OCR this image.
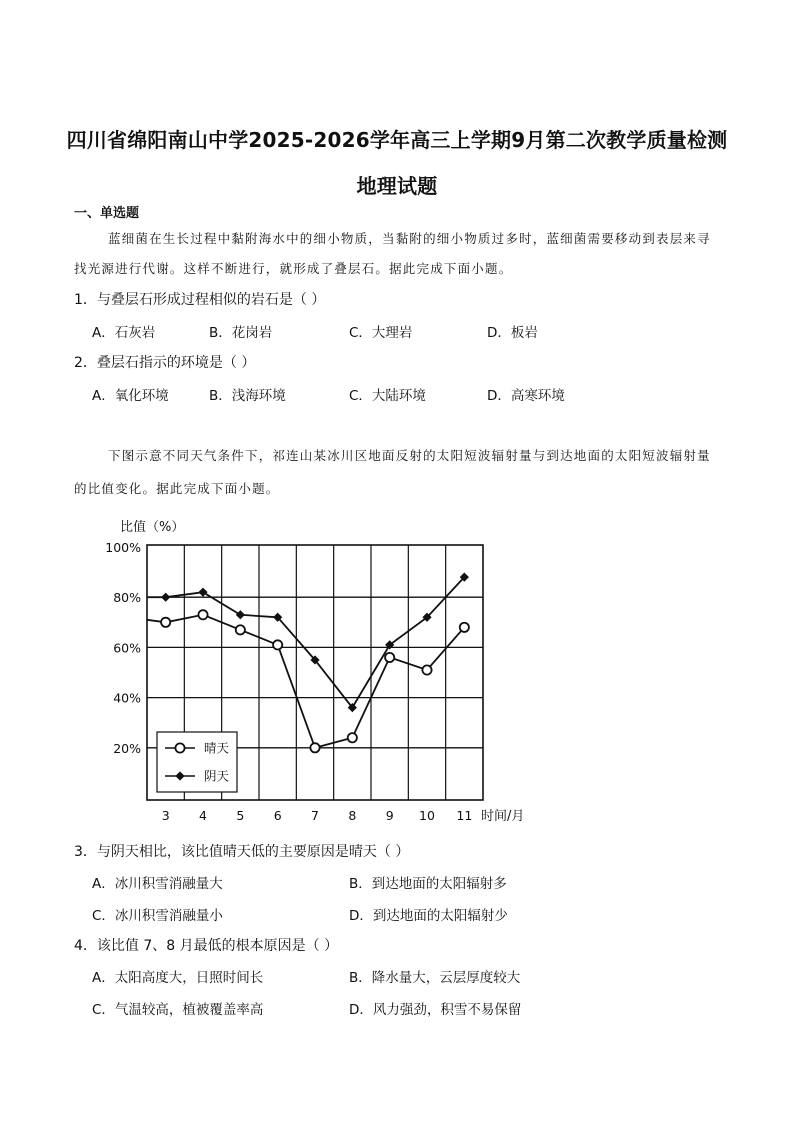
四川省绵阳南山中学2025-2026学年高三上学期9月第二次教学质量检测
地理试题
一、单选题
蓝细菌在生长过程中黏附海水中的细小物质，当黏附的细小物质过多时，蓝细菌需要移动到表层来寻
找光源进行代谢。这样不断进行，就形成了叠层石。据此完成下面小题。
1．与叠层石形成过程相似的岩石是（ ）
A．石灰岩	B．花岗岩	C．大理岩	D．板岩
2．叠层石指示的环境是（ ）
A．氧化环境	B．浅海环境	C．大陆环境	D．高寒环境
下图示意不同天气条件下，祁连山某冰川区地面反射的太阳短波辐射量与到达地面的太阳短波辐射量
的比值变化。据此完成下面小题。
比值（%）
100%
80%
60%
40%
20%
3 4 5 6 7 8 9 10 11 时间/月
晴天
阴天
3．与阴天相比，该比值晴天低的主要原因是晴天（ ）
A．冰川积雪消融量大	B．到达地面的太阳辐射多
C．冰川积雪消融量小	D．到达地面的太阳辐射少
4．该比值 7、8 月最低的根本原因是（ ）
A．太阳高度大，日照时间长	B．降水量大，云层厚度较大
C．气温较高，植被覆盖率高	D．风力强劲，积雪不易保留
